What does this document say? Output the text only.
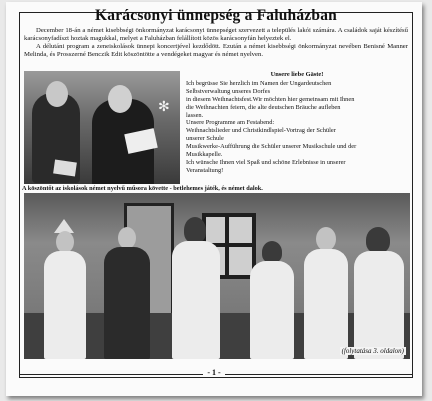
Karácsonyi ünnepség a Faluházban

December 18-án a német kisebbségi önkormányzat karácsonyi ünnepséget szervezett a település lakói számára. A családok saját készítésű karácsonyfadíszt hoztak magukkal, melyet a Faluházban felállított közös karácsonyfán helyeztek el.

A délutáni program a zeneiskolások ünnepi koncertjével kezdődött. Ezután a német kisebbségi önkormányzat nevében Benisné Manner Melinda, és Prosszerné Benczik Edit köszöntötte a vendégeket magyar és német nyelven.

✻
Unsere liebe Gäste!
Ich begrüsse Sie herzlich im Namen der Ungardeutschen
Selbstverwaltung unseres Dorfes
in diesem Weihnachtsfest.Wir möchten hier gemeinsam mit Ihnen
die Weihnachten feiern, die alte deutschen Bräuche aufleben
lassen.
Unsere Programme am Festabend:
Weihnachtslieder und Christkindlspiel-Vortrag der Schüler
unserer Schule
Musikwerke-Aufführung die Schüler unserer Musikschule und der
Musikkapelle.
Ich wünsche Ihnen viel Spaß und schöne Erlebnisse in unserer
Veranstaltung!
A köszöntőt az iskolások német nyelvű műsora követte - betlehemes játék, és német dalok.
(folytatása 3. oldalon)
- 1 -
